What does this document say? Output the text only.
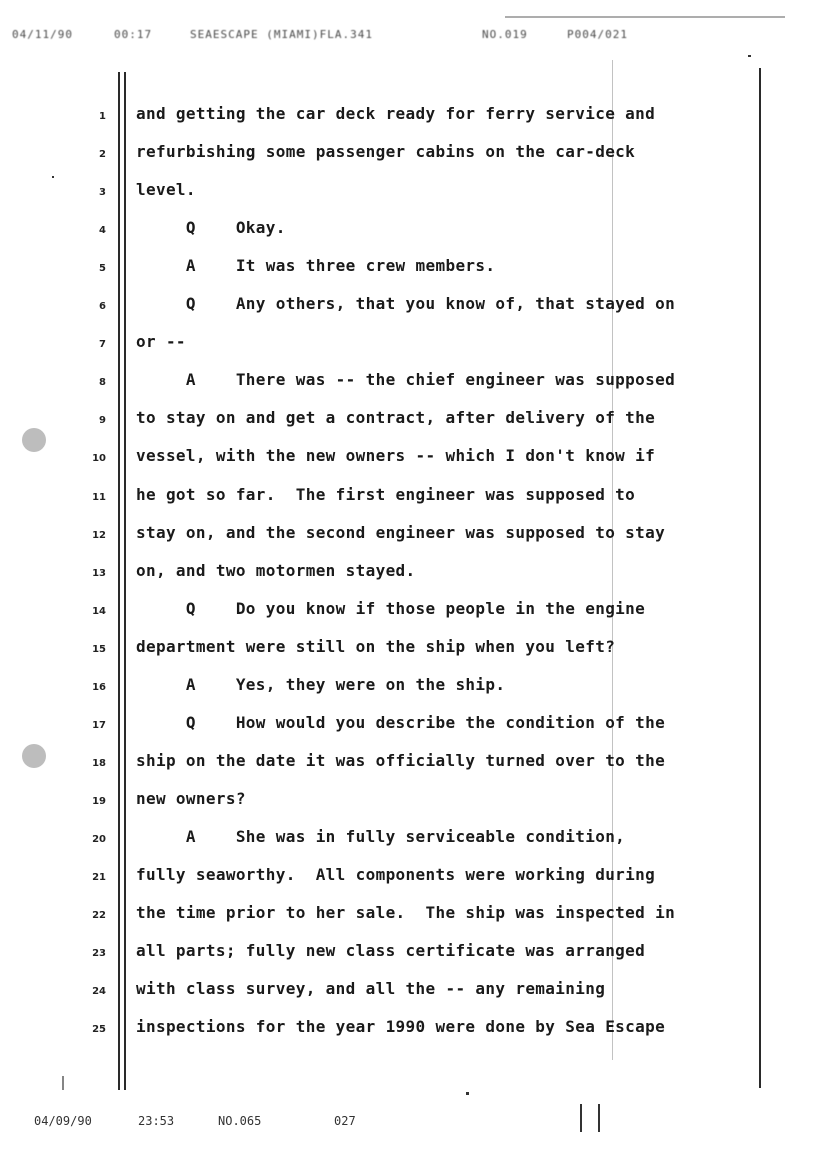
04/11/90	00:17	SEAESCAPE (MIAMI)FLA.341	NO.019	P004/021
1 and getting the car deck ready for ferry service and
2 refurbishing some passenger cabins on the car-deck
3 level.
4 Q    Okay.
5 A    It was three crew members.
6 Q    Any others, that you know of, that stayed on
7 or --
8 A    There was -- the chief engineer was supposed
9 to stay on and get a contract, after delivery of the
10 vessel, with the new owners -- which I don't know if
11 he got so far.  The first engineer was supposed to
12 stay on, and the second engineer was supposed to stay
13 on, and two motormen stayed.
14 Q    Do you know if those people in the engine
15 department were still on the ship when you left?
16 A    Yes, they were on the ship.
17 Q    How would you describe the condition of the
18 ship on the date it was officially turned over to the
19 new owners?
20 A    She was in fully serviceable condition,
21 fully seaworthy.  All components were working during
22 the time prior to her sale.  The ship was inspected in
23 all parts; fully new class certificate was arranged
24 with class survey, and all the -- any remaining
25 inspections for the year 1990 were done by Sea Escape
04/09/90	23:53	NO.065	027
